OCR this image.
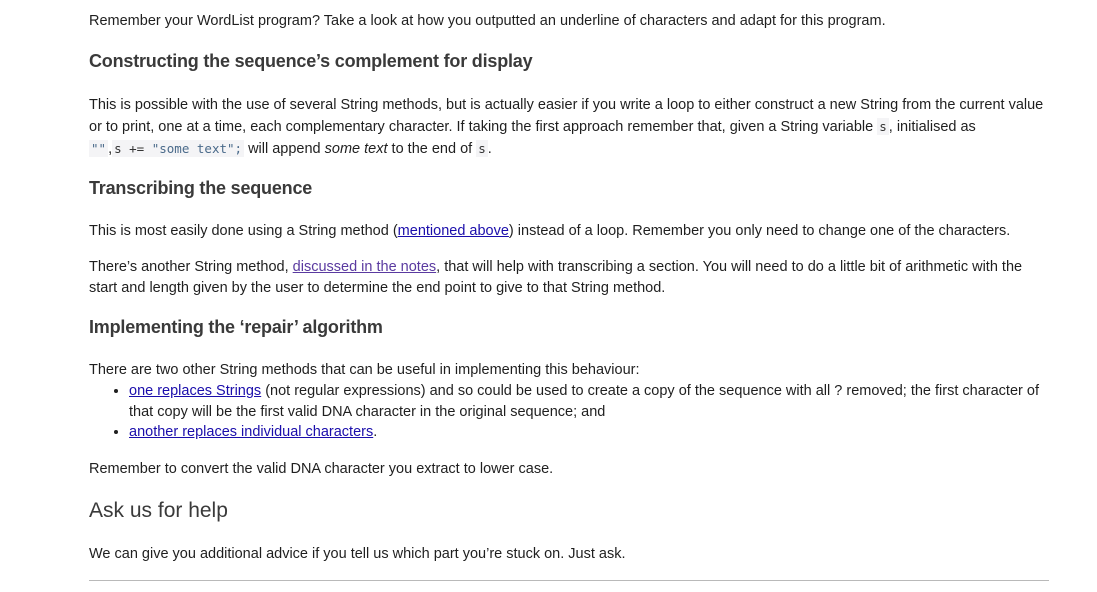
Remember your WordList program? Take a look at how you outputted an underline of characters and adapt for this program.

Constructing the sequence’s complement for display

This is possible with the use of several String methods, but is actually easier if you write a loop to either construct a new String from the current value or to print, one at a time, each complementary character. If taking the first approach remember that, given a String variable s , initialised as
"" , s += "some text"; will append some text to the end of s .

Transcribing the sequence

This is most easily done using a String method (mentioned above) instead of a loop. Remember you only need to change one of the characters.

There’s another String method, discussed in the notes, that will help with transcribing a section. You will need to do a little bit of arithmetic with the start and length given by the user to determine the end point to give to that String method.

Implementing the ‘repair’ algorithm

There are two other String methods that can be useful in implementing this behaviour:

• one replaces Strings (not regular expressions) and so could be used to create a copy of the sequence with all ? removed; the first character of that copy will be the first valid DNA character in the original sequence; and
• another replaces individual characters.

Remember to convert the valid DNA character you extract to lower case.

Ask us for help

We can give you additional advice if you tell us which part you’re stuck on. Just ask.
